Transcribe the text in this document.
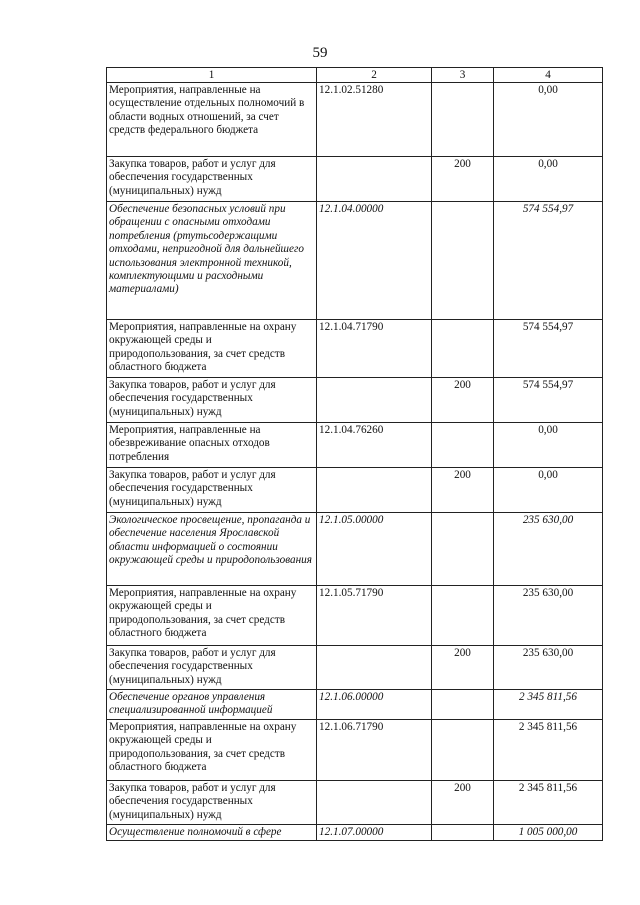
59
1	2	3	4
Мероприятия, направленные на осуществление отдельных полномочий в области водных отношений, за счет средств федерального бюджета	12.1.02.51280		0,00
Закупка товаров, работ и услуг для обеспечения государственных (муниципальных) нужд		200	0,00
Обеспечение безопасных условий при обращении с опасными отходами потребления (ртутьсодержащими отходами, непригодной для дальнейшего использования электронной техникой, комплектующими и расходными материалами)	12.1.04.00000		574 554,97
Мероприятия, направленные на охрану окружающей среды и природопользования, за счет средств областного бюджета	12.1.04.71790		574 554,97
Закупка товаров, работ и услуг для обеспечения государственных (муниципальных) нужд		200	574 554,97
Мероприятия, направленные на обезвреживание опасных отходов потребления	12.1.04.76260		0,00
Закупка товаров, работ и услуг для обеспечения государственных (муниципальных) нужд		200	0,00
Экологическое просвещение, пропаганда и обеспечение населения Ярославской области информацией о состоянии окружающей среды и природопользования	12.1.05.00000		235 630,00
Мероприятия, направленные на охрану окружающей среды и природопользования, за счет средств областного бюджета	12.1.05.71790		235 630,00
Закупка товаров, работ и услуг для обеспечения государственных (муниципальных) нужд		200	235 630,00
Обеспечение органов управления специализированной информацией	12.1.06.00000		2 345 811,56
Мероприятия, направленные на охрану окружающей среды и природопользования, за счет средств областного бюджета	12.1.06.71790		2 345 811,56
Закупка товаров, работ и услуг для обеспечения государственных (муниципальных) нужд		200	2 345 811,56
Осуществление полномочий в сфере	12.1.07.00000		1 005 000,00
